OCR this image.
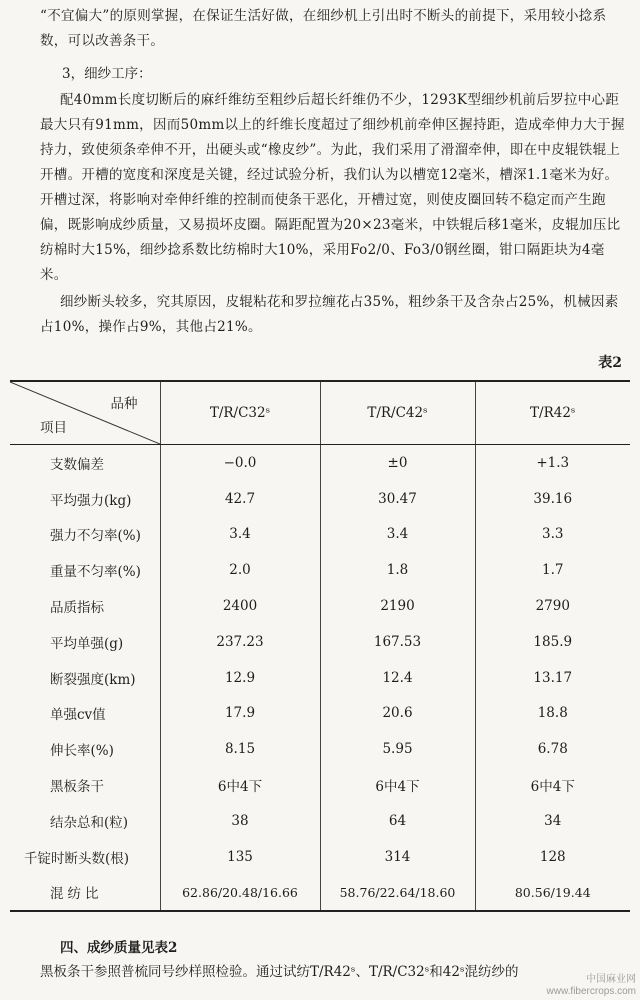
“不宜偏大”的原则掌握，在保证生活好做，在细纱机上引出时不断头的前提下，采用较小捻系数，可以改善条干。
3，细纱工序：
配40mm长度切断后的麻纤维纺至粗纱后超长纤维仍不少，1293K型细纱机前后罗拉中心距最大只有91mm，因而50mm以上的纤维长度超过了细纱机前牵伸区握持距，造成牵伸力大于握持力，致使须条牵伸不开，出硬头或“橡皮纱”。为此，我们采用了滑溜牵伸，即在中皮辊铁辊上开槽。开槽的宽度和深度是关键，经过试验分析，我们认为以槽宽12毫米，槽深1.1毫米为好。开槽过深，将影响对牵伸纤维的控制而使条干恶化，开槽过宽，则使皮圈回转不稳定而产生跑偏，既影响成纱质量，又易损坏皮圈。隔距配置为20×23毫米，中铁辊后移1毫米，皮辊加压比纺棉时大15%，细纱捻系数比纺棉时大10%，采用Fo2/0、Fo3/0钢丝圈，钳口隔距块为4毫米。
细纱断头较多，究其原因，皮辊粘花和罗拉缠花占35%，粗纱条干及含杂占25%，机械因素占10%，操作占9%，其他占21%。
表2
品种
项目	T/R/C32ˢ	T/R/C42ˢ	T/R42ˢ
支数偏差	−0.0	±0	+1.3
平均强力(kg)	42.7	30.47	39.16
强力不匀率(%)	3.4	3.4	3.3
重量不匀率(%)	2.0	1.8	1.7
品质指标	2400	2190	2790
平均单强(g)	237.23	167.53	185.9
断裂强度(km)	12.9	12.4	13.17
单强cv值	17.9	20.6	18.8
伸长率(%)	8.15	5.95	6.78
黑板条干	6中4下	6中4下	6中4下
结杂总和(粒)	38	64	34
千锭时断头数(根)	135	314	128
混纺比	62.86/20.48/16.66	58.76/22.64/18.60	80.56/19.44
四、成纱质量见表2
黑板条干参照普梳同号纱样照检验。通过试纺T/R42ˢ、T/R/C32ˢ和42ˢ混纺纱的	中国麻业网
www.fibercrops.com
